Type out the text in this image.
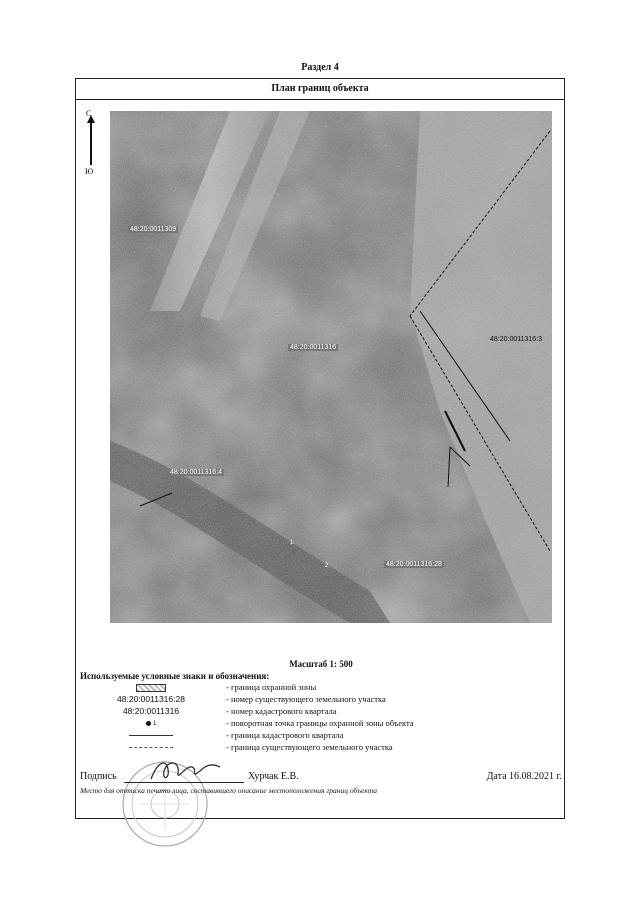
Раздел 4
План границ объекта
С
Ю
48:20:0011309
48:20:0011316
48:20:0011316:3
48:20:0011316:4
48:20:0011316:28
1
2
Масштаб 1: 500
Используемые условные знаки и обозначения:
- граница охранной зоны
48:20:0011316:28	- номер существующего земельного участка
48:20:0011316	- номер кадастрового квартала
1	- поворотная точка границы охранной зоны объекта
- граница кадастрового квартала
- граница существующего земельного участка
Подпись	Хурчак Е.В.	Дата 16.08.2021 г.
Место для оттиска печати лица, составившего описание местоположения границ объекта
